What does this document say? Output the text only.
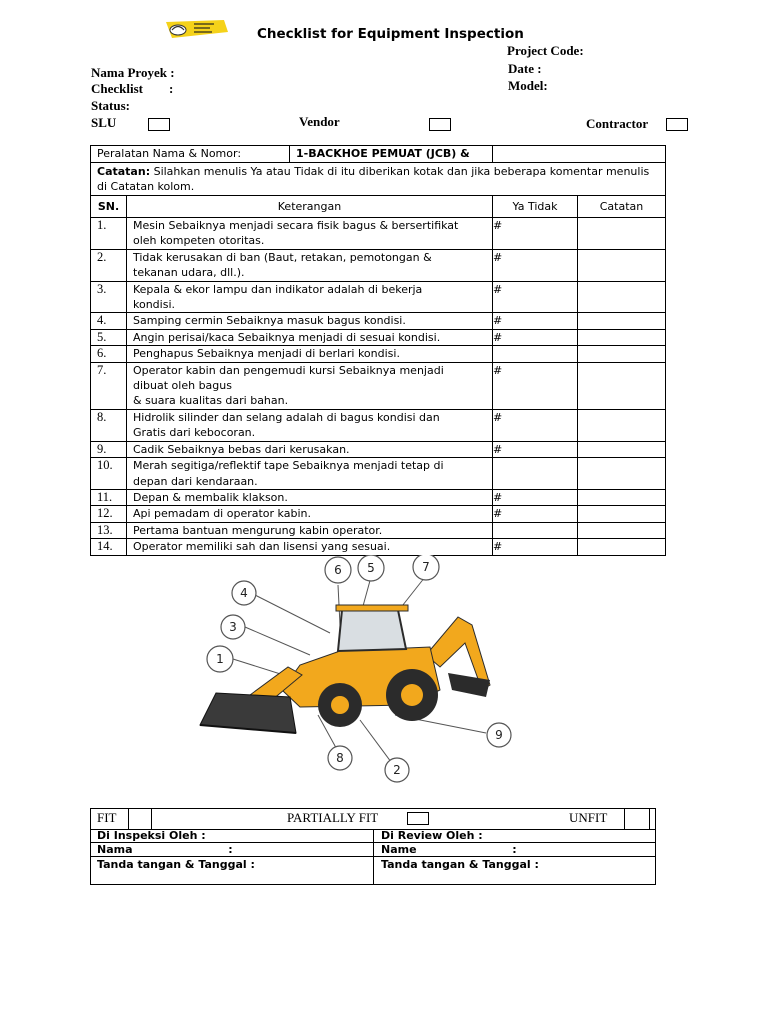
Checklist for Equipment Inspection
Project Code:
Date :
Model:
Nama Proyek :
Checklist        :
Status:
SLU	Vendor	Contractor
Peralatan Nama & Nomor: 1-BACKHOE PEMUAT (JCB) &			

Catatan: Silahkan menulis Ya atau Tidak di itu diberikan kotak dan jika beberapa komentar menulis
di Catatan kolom.			
SN.	Keterangan	Ya Tidak	Catatan
1.	Mesin Sebaiknya menjadi secara fisik bagus & bersertifikat
oleh kompeten otoritas.	#	
2.	Tidak kerusakan di ban (Baut, retakan, pemotongan &
tekanan udara, dll.).	#	
3.	Kepala & ekor lampu dan indikator adalah di bekerja
kondisi.	#	
4.	Samping cermin Sebaiknya masuk bagus kondisi.	#	
5.	Angin perisai/kaca Sebaiknya menjadi di sesuai kondisi.	#	
6.	Penghapus Sebaiknya menjadi di berlari kondisi.		
7.	Operator kabin dan pengemudi kursi Sebaiknya menjadi
dibuat oleh bagus
& suara kualitas dari bahan.	#	
8.	Hidrolik silinder dan selang adalah di bagus kondisi dan
Gratis dari kebocoran.	#	
9.	Cadik Sebaiknya bebas dari kerusakan.	#	
10.	Merah segitiga/reflektif tape Sebaiknya menjadi tetap di
depan dari kendaraan.		
11.	Depan & membalik klakson.	#	
12.	Api pemadam di operator kabin.	#	
13.	Pertama bantuan mengurung kabin operator.		
14.	Operator memiliki sah dan lisensi yang sesuai.	#	
6 5	7
4
3
1
9
8
2
FIT	PARTIALLY FIT	UNFIT
Di Inspeksi Oleh :	Di Review Oleh :
Nama                         :	Name                         :
Tanda tangan & Tanggal :	Tanda tangan & Tanggal :
